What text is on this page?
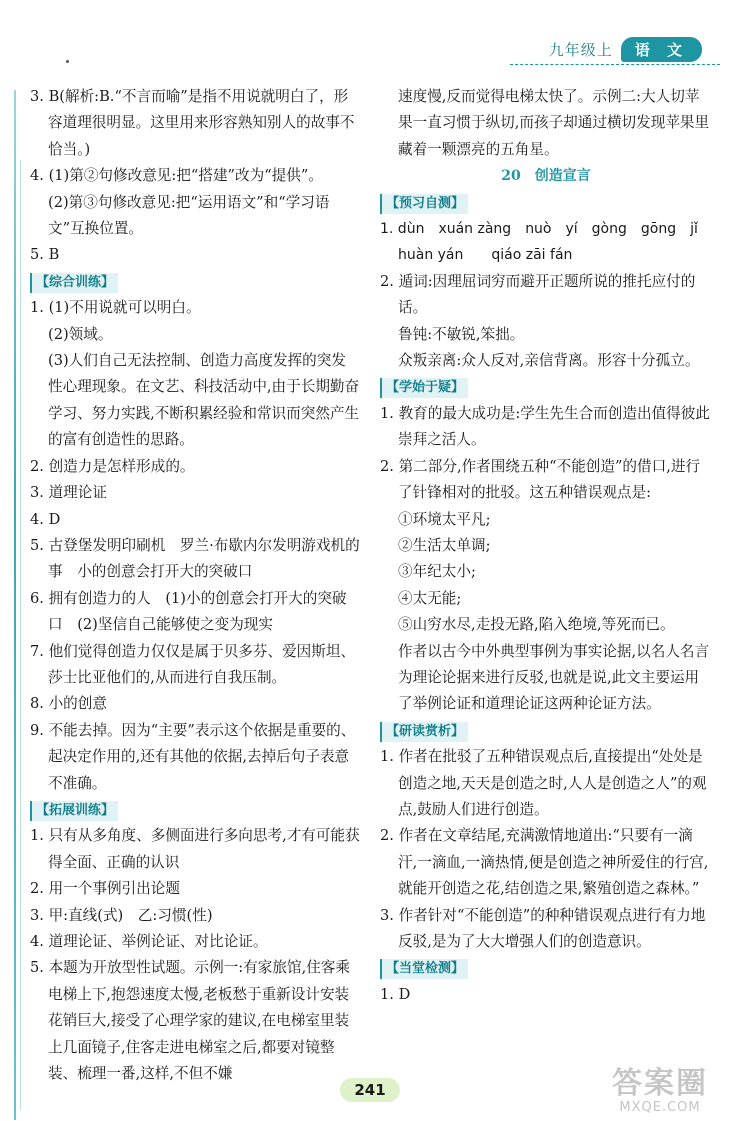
九年级上	语 文
3. B(解析:B.“不言而喻”是指不用说就明白了，形容道理很明显。这里用来形容熟知别人的故事不恰当。)
4. (1)第②句修改意见:把“搭建”改为“提供”。
(2)第③句修改意见:把“运用语文”和“学习语文”互换位置。
5. B
【综合训练】
1. (1)不用说就可以明白。
(2)领域。
(3)人们自己无法控制、创造力高度发挥的突发性心理现象。在文艺、科技活动中,由于长期勤奋学习、努力实践,不断积累经验和常识而突然产生的富有创造性的思路。
2. 创造力是怎样形成的。
3. 道理论证
4. D
5. 古登堡发明印刷机　罗兰·布歇内尔发明游戏机的事　小的创意会打开大的突破口
6. 拥有创造力的人　(1)小的创意会打开大的突破口　(2)坚信自己能够使之变为现实
7. 他们觉得创造力仅仅是属于贝多芬、爱因斯坦、莎士比亚他们的,从而进行自我压制。
8. 小的创意
9. 不能去掉。因为“主要”表示这个依据是重要的、起决定作用的,还有其他的依据,去掉后句子表意不准确。
【拓展训练】
1. 只有从多角度、多侧面进行多向思考,才有可能获得全面、正确的认识
2. 用一个事例引出论题
3. 甲:直线(式)　乙:习惯(性)
4. 道理论证、举例论证、对比论证。
5. 本题为开放型性试题。示例一:有家旅馆,住客乘电梯上下,抱怨速度太慢,老板愁于重新设计安装花销巨大,接受了心理学家的建议,在电梯室里装上几面镜子,住客走进电梯室之后,都要对镜整装、梳理一番,这样,不但不嫌
速度慢,反而觉得电梯太快了。示例二:大人切苹果一直习惯于纵切,而孩子却通过横切发现苹果里藏着一颗漂亮的五角星。
20　创造宣言
【预习自测】
1. dùn　xuán zàng　nuò　yí　gòng　gōng　jǐ
huàn yán　　qiáo zāi fán
2. 遁词:因理屈词穷而避开正题所说的推托应付的话。
鲁钝:不敏锐,笨拙。
众叛亲离:众人反对,亲信背离。形容十分孤立。
【学始于疑】
1. 教育的最大成功是:学生先生合而创造出值得彼此崇拜之活人。
2. 第二部分,作者围绕五种“不能创造”的借口,进行了针锋相对的批驳。这五种错误观点是:
①环境太平凡;
②生活太单调;
③年纪太小;
④太无能;
⑤山穷水尽,走投无路,陷入绝境,等死而已。
作者以古今中外典型事例为事实论据,以名人名言为理论论据来进行反驳,也就是说,此文主要运用了举例论证和道理论证这两种论证方法。
【研读赏析】
1. 作者在批驳了五种错误观点后,直接提出“处处是创造之地,天天是创造之时,人人是创造之人”的观点,鼓励人们进行创造。
2. 作者在文章结尾,充满激情地道出:“只要有一滴汗,一滴血,一滴热情,便是创造之神所爱住的行宫,就能开创造之花,结创造之果,繁殖创造之森林。”
3. 作者针对“不能创造”的种种错误观点进行有力地反驳,是为了大大增强人们的创造意识。
【当堂检测】
1. D
241	答案圈
MXQE.COM
